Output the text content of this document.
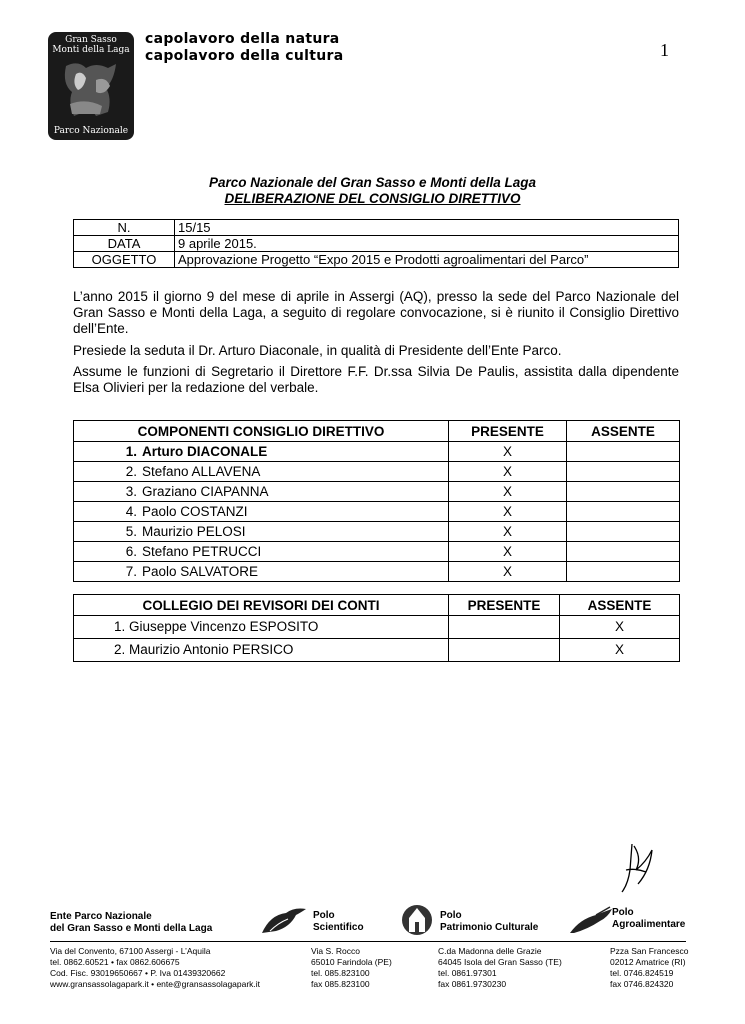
Gran Sasso
Monti della Laga
Parco Nazionale
capolavoro della natura
capolavoro della cultura	1
Parco Nazionale del Gran Sasso e Monti della Laga
DELIBERAZIONE DEL CONSIGLIO DIRETTIVO
N.	15/15
DATA	9 aprile 2015.
OGGETTO	Approvazione Progetto “Expo 2015 e Prodotti agroalimentari del Parco”
L’anno 2015 il giorno 9 del mese di aprile in Assergi (AQ), presso la sede del Parco Nazionale del Gran Sasso e Monti della Laga, a seguito di regolare convocazione, si è riunito il Consiglio Direttivo dell’Ente.
Presiede la seduta il Dr. Arturo Diaconale, in qualità di Presidente dell’Ente Parco.
Assume le funzioni di Segretario il Direttore F.F. Dr.ssa Silvia De Paulis, assistita dalla dipendente Elsa Olivieri per la redazione del verbale.
COMPONENTI CONSIGLIO DIRETTIVO	PRESENTE	ASSENTE
1. Arturo DIACONALE	X	
2. Stefano ALLAVENA	X	
3. Graziano CIAPANNA	X	
4. Paolo COSTANZI	X	
5. Maurizio PELOSI	X	
6. Stefano PETRUCCI	X	
7. Paolo SALVATORE	X	
COLLEGIO DEI REVISORI DEI CONTI	PRESENTE	ASSENTE
1. Giuseppe Vincenzo ESPOSITO		X
2. Maurizio Antonio PERSICO		X
Ente Parco Nazionale
del Gran Sasso e Monti della Laga
Polo
Scientifico
Polo
Patrimonio Culturale
Polo
Agroalimentare
Via del Convento, 67100 Assergi - L’Aquila
tel. 0862.60521 • fax 0862.606675
Cod. Fisc. 93019650667 • P. Iva 01439320662
www.gransassolagapark.it • ente@gransassolagapark.it
Via S. Rocco
65010 Farindola (PE)
tel. 085.823100
fax 085.823100
C.da Madonna delle Grazie
64045 Isola del Gran Sasso (TE)
tel. 0861.97301
fax 0861.9730230
Pzza San Francesco
02012 Amatrice (RI)
tel. 0746.824519
fax 0746.824320
